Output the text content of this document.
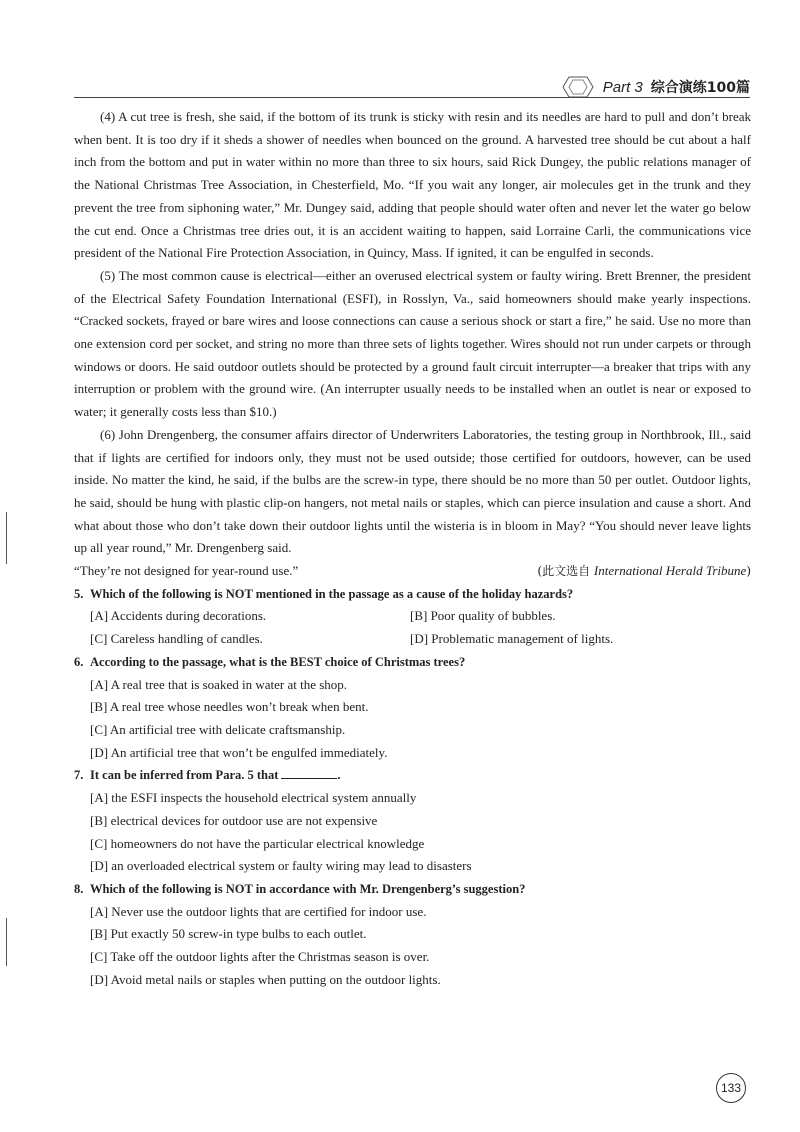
Part 3 综合演练100篇

(4) A cut tree is fresh, she said, if the bottom of its trunk is sticky with resin and its needles are hard to pull and don’t break when bent. It is too dry if it sheds a shower of needles when bounced on the ground. A harvested tree should be cut about a half inch from the bottom and put in water within no more than three to six hours, said Rick Dungey, the public relations manager of the National Christmas Tree Association, in Chesterfield, Mo. “If you wait any longer, air molecules get in the trunk and they prevent the tree from siphoning water,” Mr. Dungey said, adding that people should water often and never let the water go below the cut end. Once a Christmas tree dries out, it is an accident waiting to happen, said Lorraine Carli, the communications vice president of the National Fire Protection Association, in Quincy, Mass. If ignited, it can be engulfed in seconds.

(5) The most common cause is electrical—either an overused electrical system or faulty wiring. Brett Brenner, the president of the Electrical Safety Foundation International (ESFI), in Rosslyn, Va., said homeowners should make yearly inspections. “Cracked sockets, frayed or bare wires and loose connections can cause a serious shock or start a fire,” he said. Use no more than one extension cord per socket, and string no more than three sets of lights together. Wires should not run under carpets or through windows or doors. He said outdoor outlets should be protected by a ground fault circuit interrupter—a breaker that trips with any interruption or problem with the ground wire. (An interrupter usually needs to be installed when an outlet is near or exposed to water; it generally costs less than $10.)

(6) John Drengenberg, the consumer affairs director of Underwriters Laboratories, the testing group in Northbrook, Ill., said that if lights are certified for indoors only, they must not be used outside; those certified for outdoors, however, can be used inside. No matter the kind, he said, if the bulbs are the screw-in type, there should be no more than 50 per outlet. Outdoor lights, he said, should be hung with plastic clip-on hangers, not metal nails or staples, which can pierce insulation and cause a short. And what about those who don’t take down their outdoor lights until the wisteria is in bloom in May? “You should never leave lights up all year round,” Mr. Drengenberg said.

“They’re not designed for year-round use.”	(此文选自 International Herald Tribune)

5. Which of the following is NOT mentioned in the passage as a cause of the holiday hazards?

[A] Accidents during decorations.	[B] Poor quality of bubbles.
[C] Careless handling of candles.	[D] Problematic management of lights.

6. According to the passage, what is the BEST choice of Christmas trees?

[A] A real tree that is soaked in water at the shop.
[B] A real tree whose needles won’t break when bent.
[C] An artificial tree with delicate craftsmanship.
[D] An artificial tree that won’t be engulfed immediately.

7. It can be inferred from Para. 5 that	.

[A] the ESFI inspects the household electrical system annually
[B] electrical devices for outdoor use are not expensive
[C] homeowners do not have the particular electrical knowledge
[D] an overloaded electrical system or faulty wiring may lead to disasters

8. Which of the following is NOT in accordance with Mr. Drengenberg’s suggestion?

[A] Never use the outdoor lights that are certified for indoor use.
[B] Put exactly 50 screw-in type bulbs to each outlet.
[C] Take off the outdoor lights after the Christmas season is over.
[D] Avoid metal nails or staples when putting on the outdoor lights.
133
